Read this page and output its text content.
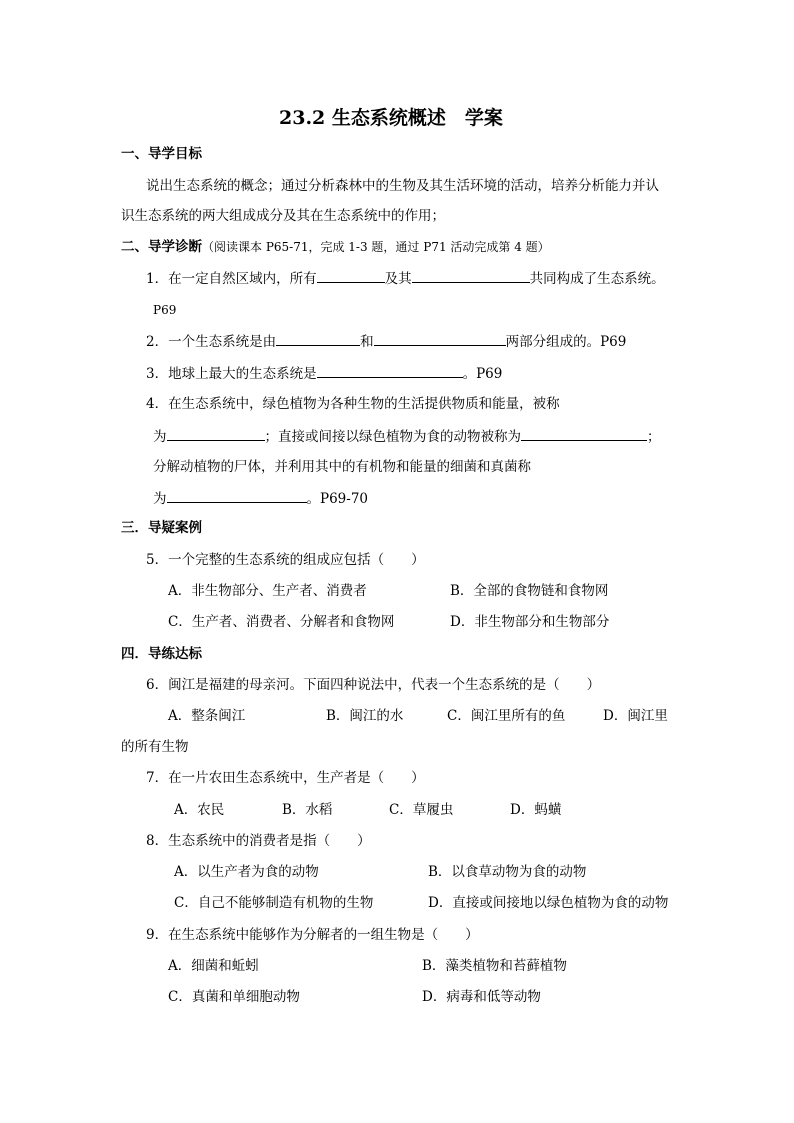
23.2 生态系统概述　学案
一、导学目标
说出生态系统的概念；通过分析森林中的生物及其生活环境的活动，培养分析能力并认
识生态系统的两大组成成分及其在生态系统中的作用；
二、导学诊断（阅读课本 P65-71，完成 1-3 题，通过 P71 活动完成第 4 题）
1．在一定自然区域内，所有	及其	共同构成了生态系统。
P69
2．一个生态系统是由	和	两部分组成的。P69
3．地球上最大的生态系统是	。P69
4．在生态系统中，绿色植物为各种生物的生活提供物质和能量，被称
为	；直接或间接以绿色植物为食的动物被称为	；
分解动植物的尸体，并利用其中的有机物和能量的细菌和真菌称
为	。P69-70
三．导疑案例
5．一个完整的生态系统的组成应包括（　　）
A．非生物部分、生产者、消费者	B．全部的食物链和食物网
C．生产者、消费者、分解者和食物网	D．非生物部分和生物部分
四．导练达标
6．闽江是福建的母亲河。下面四种说法中，代表一个生态系统的是（　　）
A．整条闽江	B．闽江的水	C．闽江里所有的鱼	D．闽江里
的所有生物
7．在一片农田生态系统中，生产者是（　　）
A．农民	B．水稻	C．草履虫	D．蚂蟥
8．生态系统中的消费者是指（　　）
A．以生产者为食的动物	B．以食草动物为食的动物
C．自己不能够制造有机物的生物	D．直接或间接地以绿色植物为食的动物
9．在生态系统中能够作为分解者的一组生物是（　　）
A．细菌和蚯蚓	B．藻类植物和苔藓植物
C．真菌和单细胞动物	D．病毒和低等动物
